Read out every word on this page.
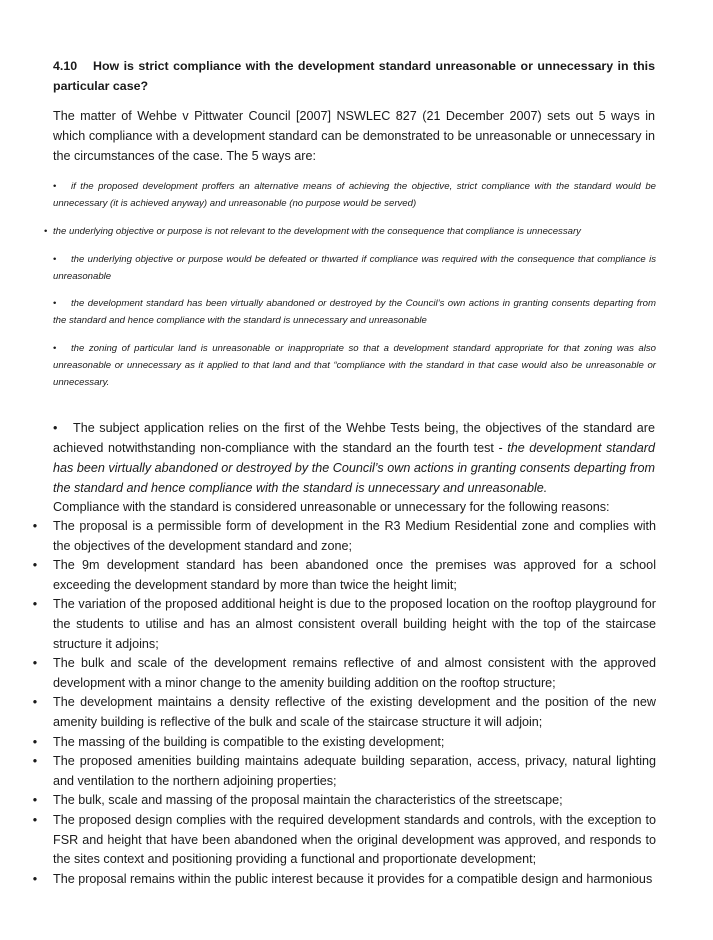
4.10 How is strict compliance with the development standard unreasonable or unnecessary in this particular case?
The matter of Wehbe v Pittwater Council [2007] NSWLEC 827 (21 December 2007) sets out 5 ways in which compliance with a development standard can be demonstrated to be unreasonable or unnecessary in the circumstances of the case. The 5 ways are:
• if the proposed development proffers an alternative means of achieving the objective, strict compliance with the standard would be unnecessary (it is achieved anyway) and unreasonable (no purpose would be served)
• the underlying objective or purpose is not relevant to the development with the consequence that compliance is unnecessary
• the underlying objective or purpose would be defeated or thwarted if compliance was required with the consequence that compliance is unreasonable
• the development standard has been virtually abandoned or destroyed by the Council’s own actions in granting consents departing from the standard and hence compliance with the standard is unnecessary and unreasonable
• the zoning of particular land is unreasonable or inappropriate so that a development standard appropriate for that zoning was also unreasonable or unnecessary as it applied to that land and that “compliance with the standard in that case would also be unreasonable or unnecessary.
• The subject application relies on the first of the Wehbe Tests being, the objectives of the standard are achieved notwithstanding non-compliance with the standard an the fourth test - the development standard has been virtually abandoned or destroyed by the Council’s own actions in granting consents departing from the standard and hence compliance with the standard is unnecessary and unreasonable.
Compliance with the standard is considered unreasonable or unnecessary for the following reasons:
• The proposal is a permissible form of development in the R3 Medium Residential zone and complies with the objectives of the development standard and zone;
• The 9m development standard has been abandoned once the premises was approved for a school exceeding the development standard by more than twice the height limit;
• The variation of the proposed additional height is due to the proposed location on the rooftop playground for the students to utilise and has an almost consistent overall building height with the top of the staircase structure it adjoins;
• The bulk and scale of the development remains reflective of and almost consistent with the approved development with a minor change to the amenity building addition on the rooftop structure;
• The development maintains a density reflective of the existing development and the position of the new amenity building is reflective of the bulk and scale of the staircase structure it will adjoin;
• The massing of the building is compatible to the existing development;
• The proposed amenities building maintains adequate building separation, access, privacy, natural lighting and ventilation to the northern adjoining properties;
• The bulk, scale and massing of the proposal maintain the characteristics of the streetscape;
• The proposed design complies with the required development standards and controls, with the exception to FSR and height that have been abandoned when the original development was approved, and responds to the sites context and positioning providing a functional and proportionate development;
• The proposal remains within the public interest because it provides for a compatible design and harmonious
